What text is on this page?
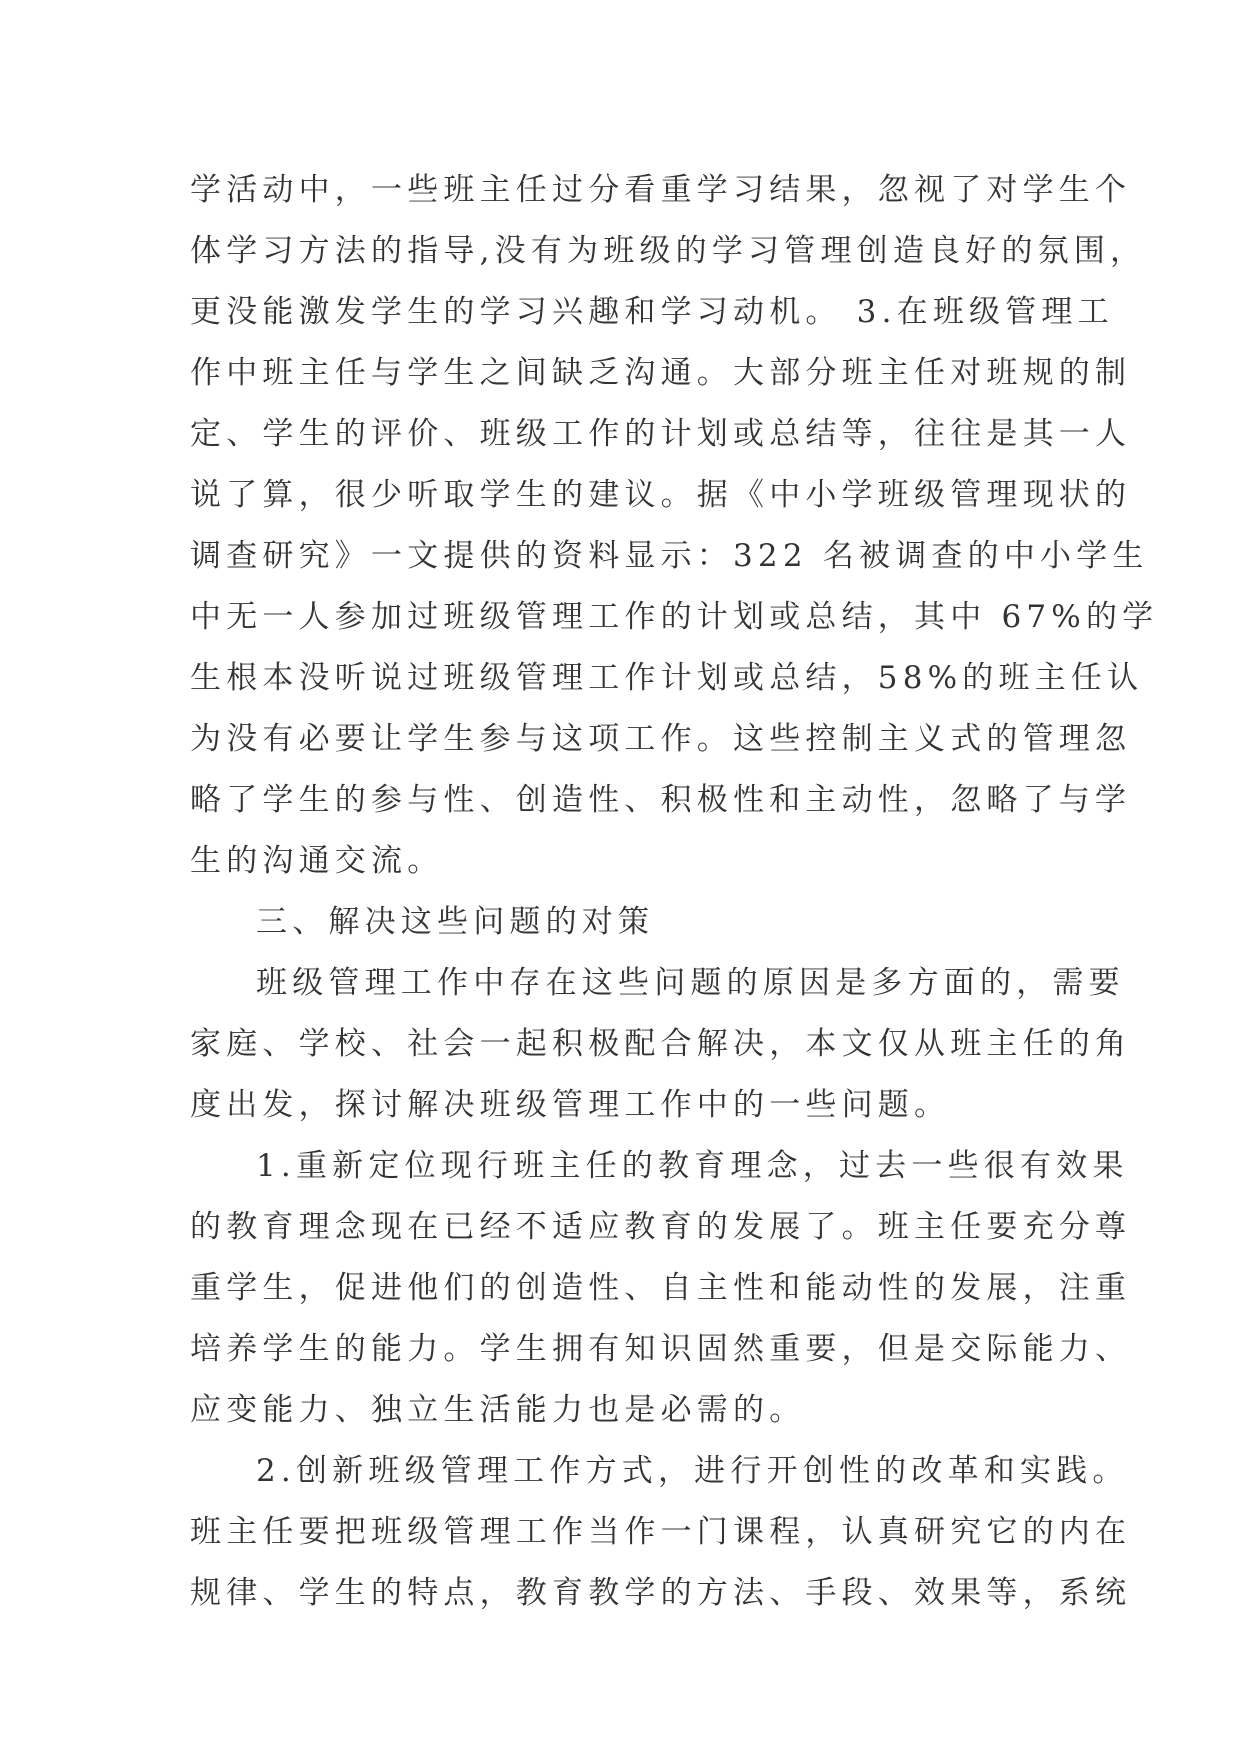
学活动中，一些班主任过分看重学习结果，忽视了对学生个
体学习方法的指导,没有为班级的学习管理创造良好的氛围，
更没能激发学生的学习兴趣和学习动机。 3.在班级管理工
作中班主任与学生之间缺乏沟通。大部分班主任对班规的制
定、学生的评价、班级工作的计划或总结等，往往是其一人
说了算，很少听取学生的建议。据《中小学班级管理现状的
调查研究》一文提供的资料显示：322 名被调查的中小学生
中无一人参加过班级管理工作的计划或总结，其中 67%的学
生根本没听说过班级管理工作计划或总结，58%的班主任认
为没有必要让学生参与这项工作。这些控制主义式的管理忽
略了学生的参与性、创造性、积极性和主动性，忽略了与学
生的沟通交流。
三、解决这些问题的对策
班级管理工作中存在这些问题的原因是多方面的，需要
家庭、学校、社会一起积极配合解决，本文仅从班主任的角
度出发，探讨解决班级管理工作中的一些问题。
1.重新定位现行班主任的教育理念，过去一些很有效果
的教育理念现在已经不适应教育的发展了。班主任要充分尊
重学生，促进他们的创造性、自主性和能动性的发展，注重
培养学生的能力。学生拥有知识固然重要，但是交际能力、
应变能力、独立生活能力也是必需的。
2.创新班级管理工作方式，进行开创性的改革和实践。
班主任要把班级管理工作当作一门课程，认真研究它的内在
规律、学生的特点，教育教学的方法、手段、效果等，系统
